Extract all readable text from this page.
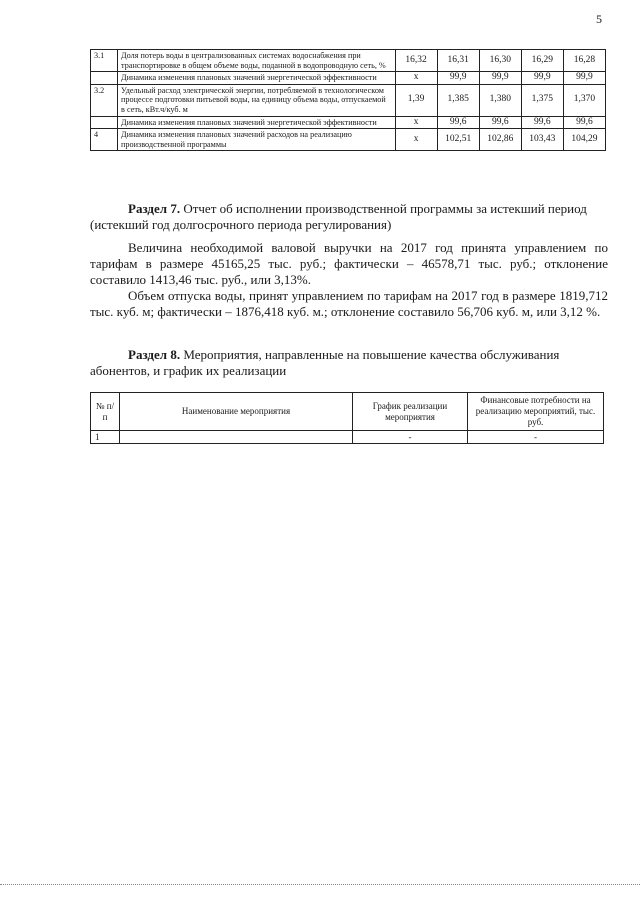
5
3.1	Доля потерь воды в централизованных системах водоснабжения при транспортировке в общем объеме воды, поданной в водопроводную сеть, %	16,32	16,31	16,30	16,29	16,28
	Динамика изменения плановых значений энергетической эффективности	х	99,9	99,9	99,9	99,9
3.2	Удельный расход электрической энергии, потребляемой в технологическом процессе подготовки питьевой воды, на единицу объема воды, отпускаемой в сеть, кВт.ч/куб. м	1,39	1,385	1,380	1,375	1,370
	Динамика изменения плановых значений энергетической эффективности	х	99,6	99,6	99,6	99,6
4	Динамика изменения плановых значений расходов на реализацию производственной программы	х	102,51	102,86	103,43	104,29
Раздел 7. Отчет об исполнении производственной программы за истекший период (истекший год долгосрочного периода регулирования)
Величина необходимой валовой выручки на 2017 год принята управлением по тарифам в размере 45165,25 тыс. руб.; фактически – 46578,71 тыс. руб.; отклонение составило 1413,46 тыс. руб., или 3,13%.
Объем отпуска воды, принят управлением по тарифам на 2017 год в размере 1819,712 тыс. куб. м; фактически – 1876,418 куб. м.; отклонение составило 56,706 куб. м, или 3,12 %.
Раздел 8. Мероприятия, направленные на повышение качества обслуживания абонентов, и график их реализации
№ п/п	Наименование мероприятия	График реализации мероприятия	Финансовые потребности на реализацию мероприятий, тыс. руб.
1		-	-
